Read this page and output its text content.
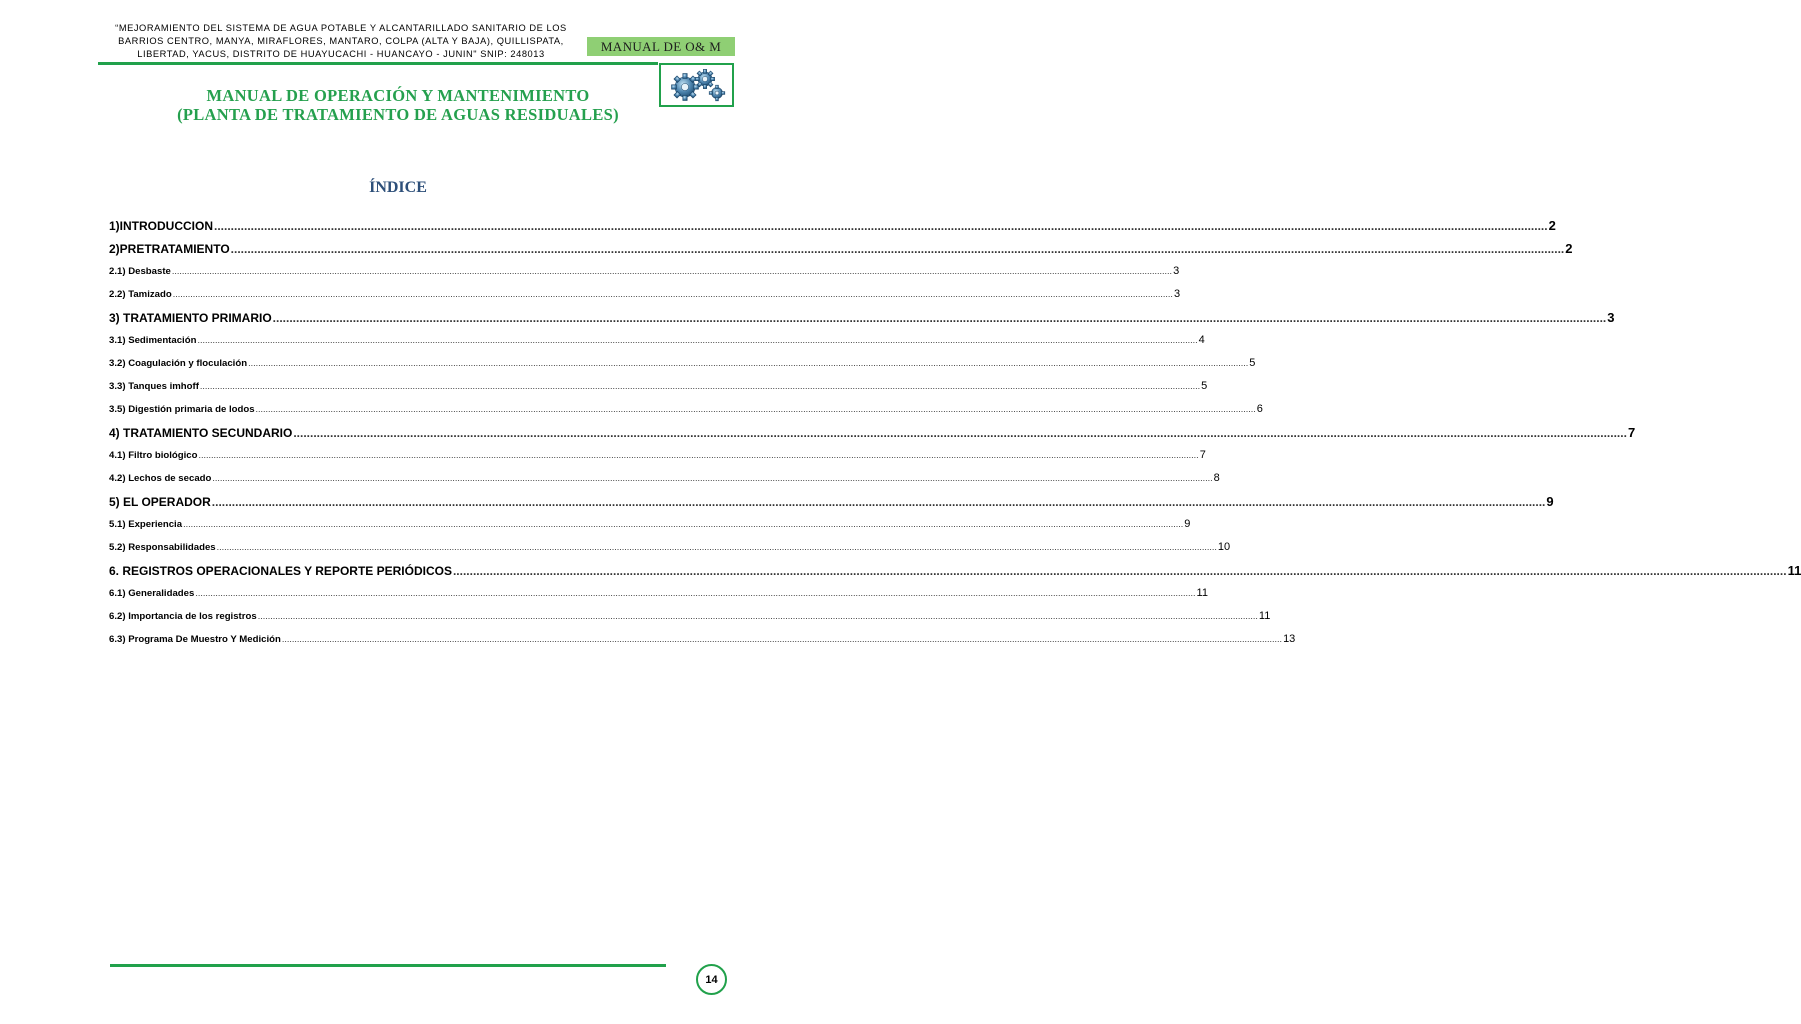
“MEJORAMIENTO DEL SISTEMA DE AGUA POTABLE Y ALCANTARILLADO SANITARIO DE LOS
BARRIOS CENTRO, MANYA, MIRAFLORES, MANTARO, COLPA (ALTA Y BAJA), QUILLISPATA,
LIBERTAD, YACUS, DISTRITO DE HUAYUCACHI - HUANCAYO - JUNIN" SNIP: 248013	MANUAL DE O& M
MANUAL DE OPERACIÓN Y MANTENIMIENTO
(PLANTA DE TRATAMIENTO DE AGUAS RESIDUALES)
ÍNDICE
1)INTRODUCCION ................................................................................................................................................................................................................................................................................................................................................................................................................ 2
2)PRETRATAMIENTO ................................................................................................................................................................................................................................................................................................................................................................................................................ 2
2.1) Desbaste ................................................................................................................................................................................................................................................................................................................................................................................................................ 3
2.2) Tamizado ................................................................................................................................................................................................................................................................................................................................................................................................................ 3
3) TRATAMIENTO PRIMARIO ................................................................................................................................................................................................................................................................................................................................................................................................................ 3
3.1) Sedimentación ................................................................................................................................................................................................................................................................................................................................................................................................................ 4
3.2) Coagulación y floculación ................................................................................................................................................................................................................................................................................................................................................................................................................ 5
3.3) Tanques imhoff ................................................................................................................................................................................................................................................................................................................................................................................................................ 5
3.5) Digestión primaria de lodos ................................................................................................................................................................................................................................................................................................................................................................................................................ 6
4) TRATAMIENTO SECUNDARIO ................................................................................................................................................................................................................................................................................................................................................................................................................ 7
4.1) Filtro biológico ................................................................................................................................................................................................................................................................................................................................................................................................................ 7
4.2) Lechos de secado ................................................................................................................................................................................................................................................................................................................................................................................................................ 8
5) EL OPERADOR ................................................................................................................................................................................................................................................................................................................................................................................................................ 9
5.1) Experiencia ................................................................................................................................................................................................................................................................................................................................................................................................................ 9
5.2) Responsabilidades ................................................................................................................................................................................................................................................................................................................................................................................................................ 10
6. REGISTROS OPERACIONALES Y REPORTE PERIÓDICOS ................................................................................................................................................................................................................................................................................................................................................................................................................ 11
6.1) Generalidades ................................................................................................................................................................................................................................................................................................................................................................................................................ 11
6.2) Importancia de los registros ................................................................................................................................................................................................................................................................................................................................................................................................................ 11
6.3) Programa De Muestro Y Medición ................................................................................................................................................................................................................................................................................................................................................................................................................ 13
14
